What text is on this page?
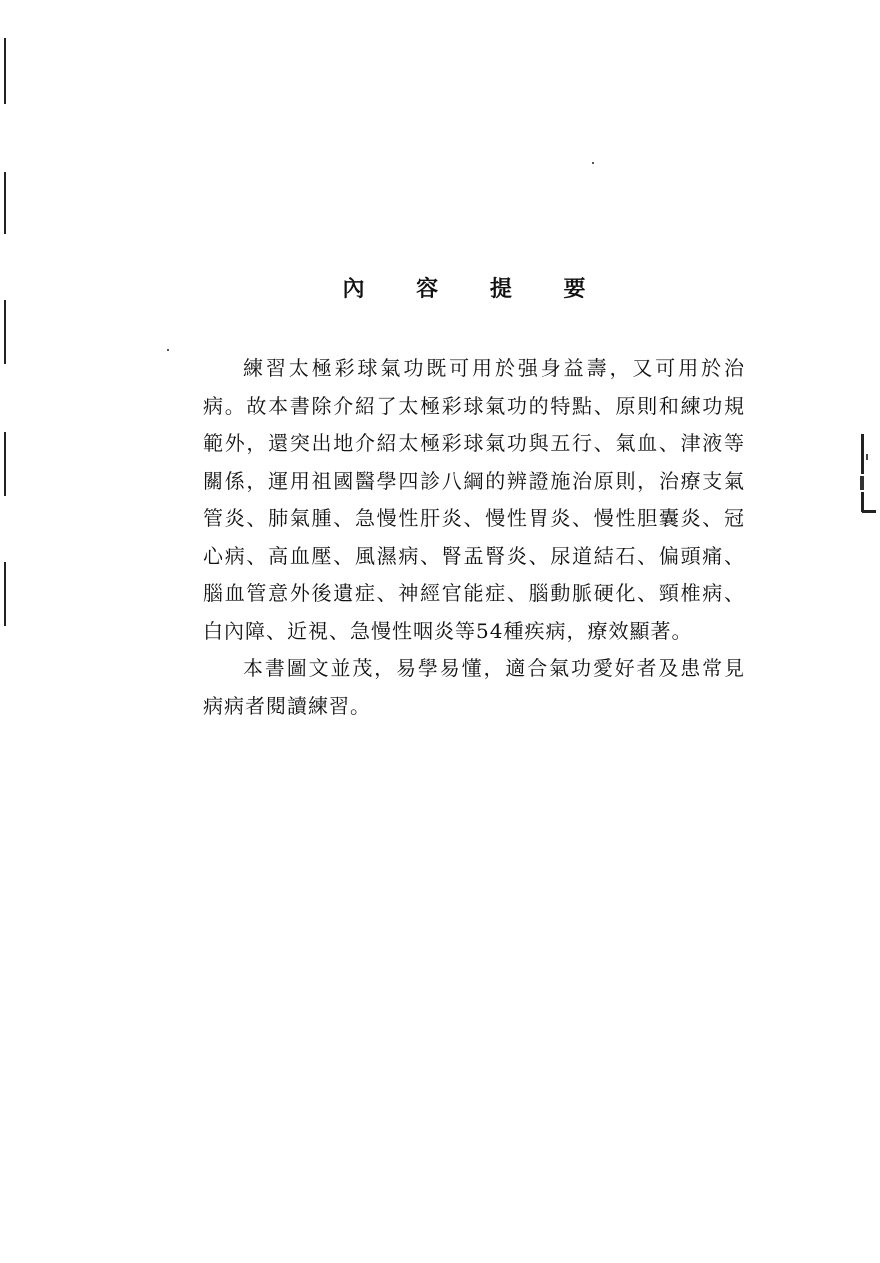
內 容 提 要

練習太極彩球氣功既可用於强身益壽，又可用於治病。故本書除介紹了太極彩球氣功的特點、原則和練功規範外，還突出地介紹太極彩球氣功與五行、氣血、津液等關係，運用祖國醫學四診八綱的辨證施治原則，治療支氣管炎、肺氣腫、急慢性肝炎、慢性胃炎、慢性胆囊炎、冠心病、高血壓、風濕病、腎盂腎炎、尿道結石、偏頭痛、腦血管意外後遺症、神經官能症、腦動脈硬化、頸椎病、白內障、近視、急慢性咽炎等54種疾病，療效顯著。

本書圖文並茂，易學易懂，適合氣功愛好者及患常見病病者閱讀練習。
